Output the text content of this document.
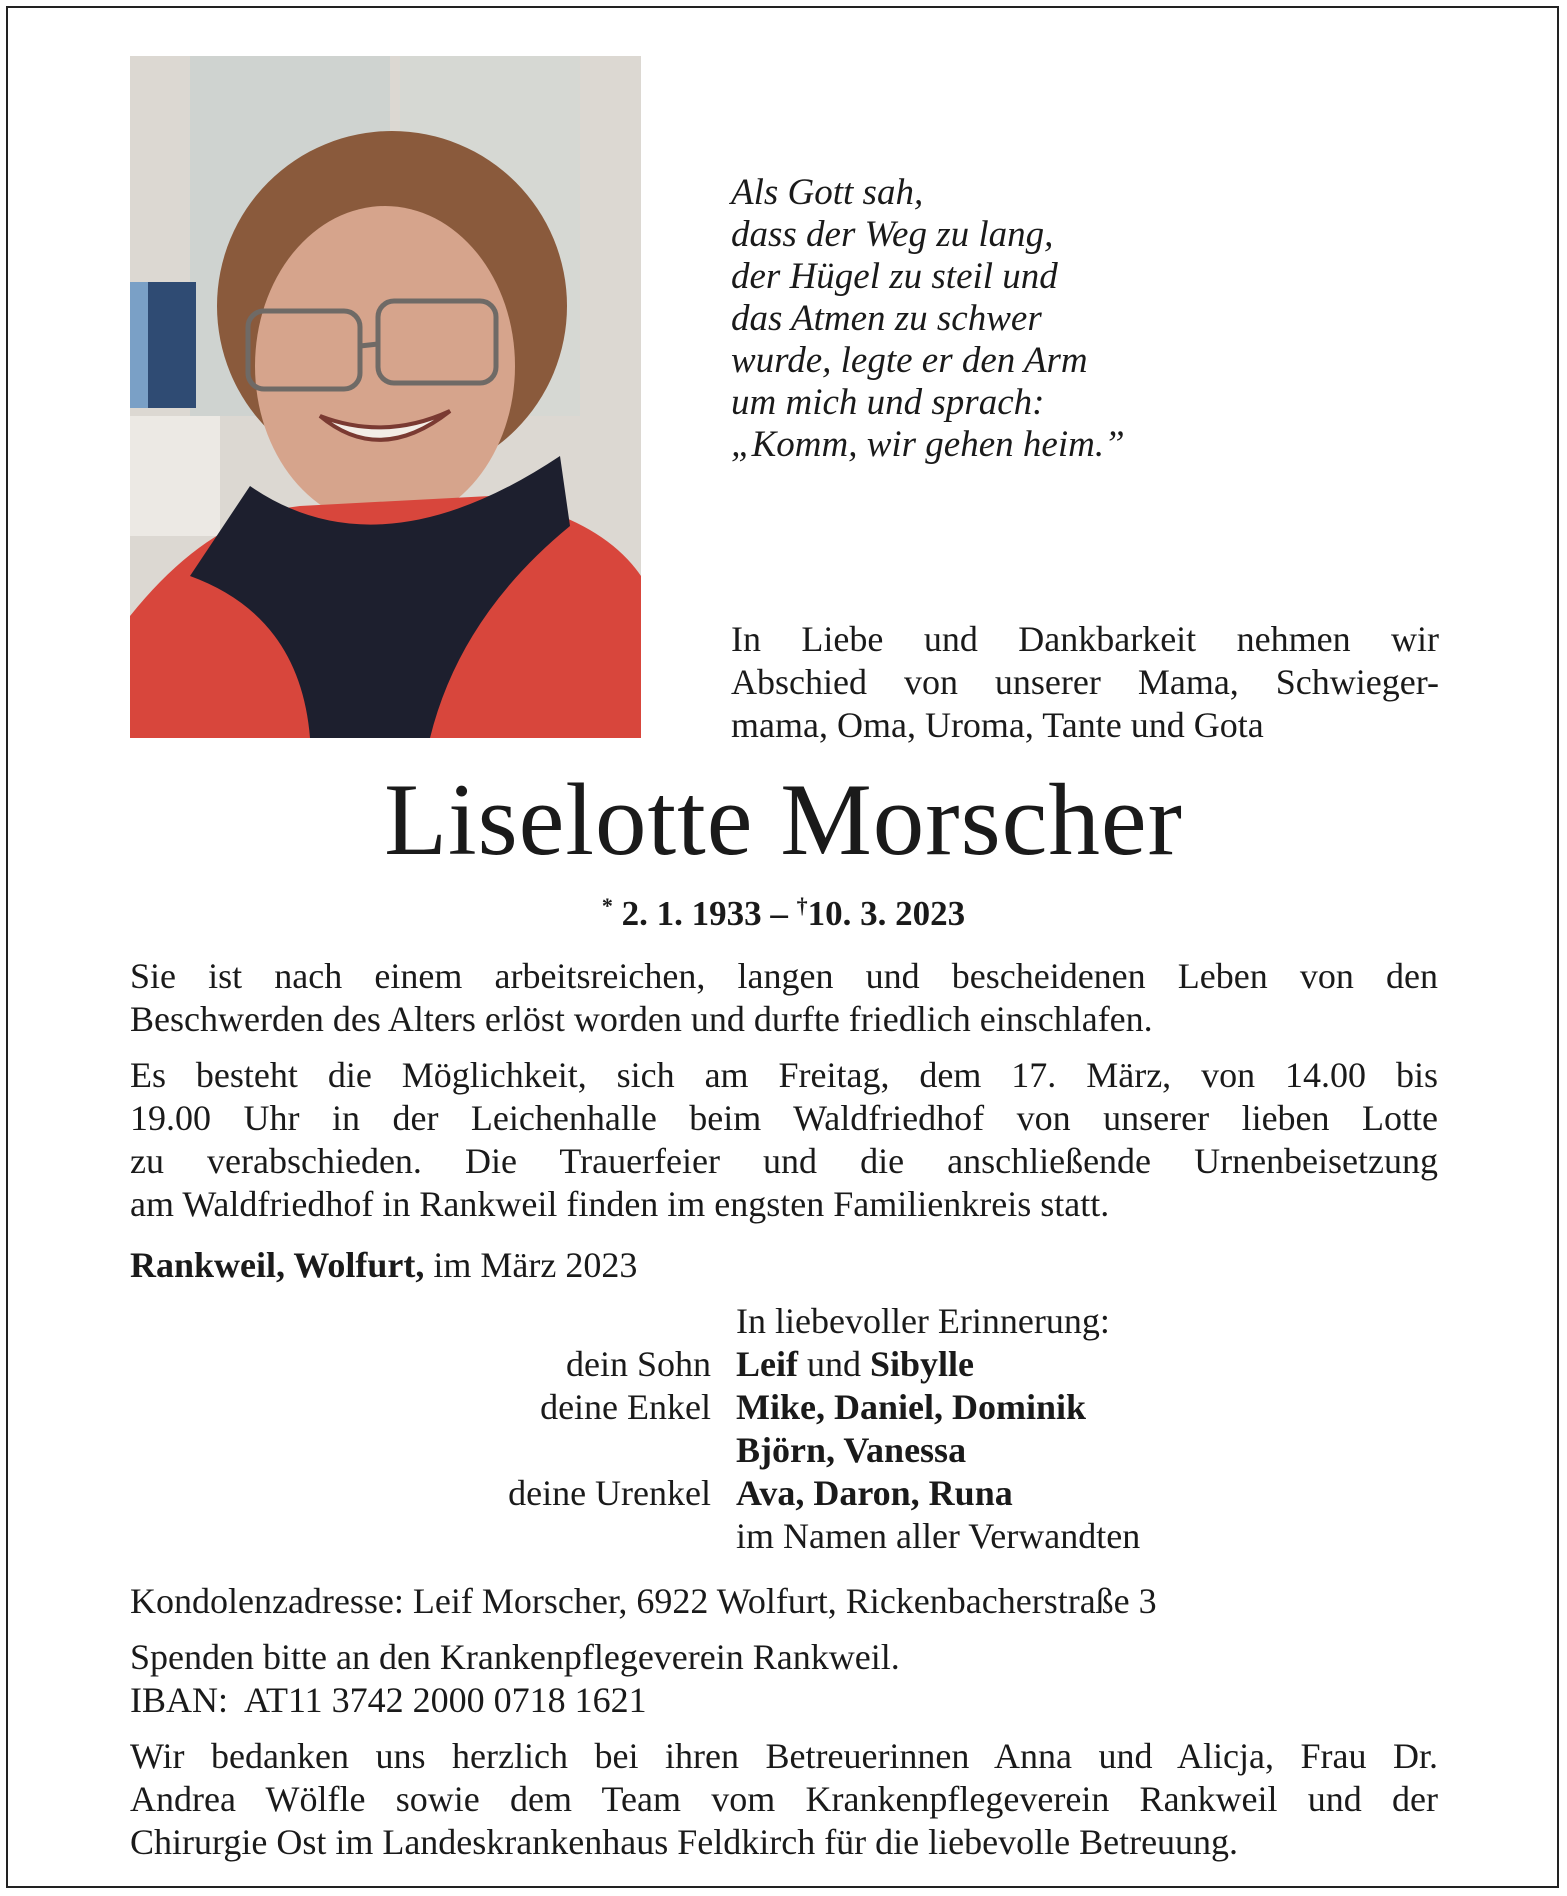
Als Gott sah,
dass der Weg zu lang,
der Hügel zu steil und
das Atmen zu schwer
wurde, legte er den Arm
um mich und sprach:
„Komm, wir gehen heim.”
In Liebe und Dankbarkeit nehmen wir
Abschied von unserer Mama, Schwieger-
mama, Oma, Uroma, Tante und Gota
Liselotte Morscher
* 2. 1. 1933 – †10. 3. 2023
Sie ist nach einem arbeitsreichen, langen und bescheidenen Leben von den
Beschwerden des Alters erlöst worden und durfte friedlich einschlafen.
Es besteht die Möglichkeit, sich am Freitag, dem 17. März, von 14.00 bis
19.00 Uhr in der Leichenhalle beim Waldfriedhof von unserer lieben Lotte
zu verabschieden. Die Trauerfeier und die anschließende Urnenbeisetzung
am Waldfriedhof in Rankweil finden im engsten Familienkreis statt.
Rankweil, Wolfurt, im März 2023
In liebevoller Erinnerung:
dein Sohn Leif und Sibylle
deine Enkel Mike, Daniel, Dominik
Björn, Vanessa
deine Urenkel Ava, Daron, Runa
im Namen aller Verwandten
Kondolenzadresse: Leif Morscher, 6922 Wolfurt, Rickenbacherstraße 3
Spenden bitte an den Krankenpflegeverein Rankweil.
IBAN: AT11 3742 2000 0718 1621
Wir bedanken uns herzlich bei ihren Betreuerinnen Anna und Alicja, Frau Dr.
Andrea Wölfle sowie dem Team vom Krankenpflegeverein Rankweil und der
Chirurgie Ost im Landeskrankenhaus Feldkirch für die liebevolle Betreuung.
